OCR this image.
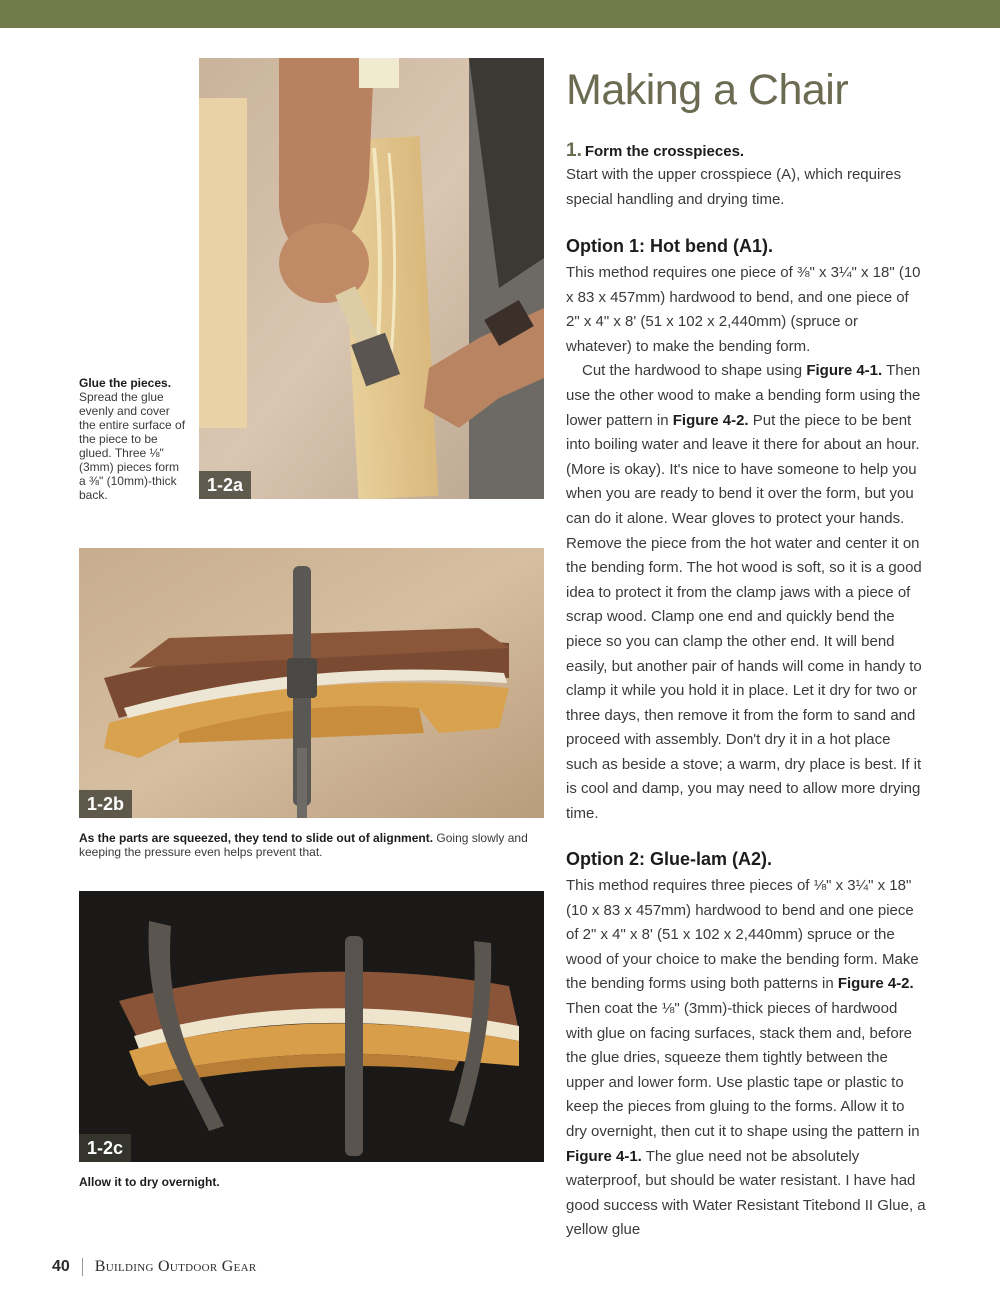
1-2a
Glue the pieces.
Spread the glue evenly and cover the entire surface of the piece to be glued. Three ⅛" (3mm) pieces form a ⅜" (10mm)-thick back.
1-2b
As the parts are squeezed, they tend to slide out of alignment. Going slowly and keeping the pressure even helps prevent that.
1-2c
Allow it to dry overnight.
Making a Chair
1. Form the crosspieces.

Start with the upper crosspiece (A), which requires special handling and drying time.

Option 1: Hot bend (A1).

This method requires one piece of ⅜" x 3¼" x 18" (10 x 83 x 457mm) hardwood to bend, and one piece of 2" x 4" x 8' (51 x 102 x 2,440mm) (spruce or whatever) to make the bending form.

Cut the hardwood to shape using Figure 4-1. Then use the other wood to make a bending form using the lower pattern in Figure 4-2. Put the piece to be bent into boiling water and leave it there for about an hour. (More is okay). It's nice to have someone to help you when you are ready to bend it over the form, but you can do it alone. Wear gloves to protect your hands. Remove the piece from the hot water and center it on the bending form. The hot wood is soft, so it is a good idea to protect it from the clamp jaws with a piece of scrap wood. Clamp one end and quickly bend the piece so you can clamp the other end. It will bend easily, but another pair of hands will come in handy to clamp it while you hold it in place. Let it dry for two or three days, then remove it from the form to sand and proceed with assembly. Don't dry it in a hot place such as beside a stove; a warm, dry place is best. If it is cool and damp, you may need to allow more drying time.

Option 2: Glue-lam (A2).

This method requires three pieces of ⅛" x 3¼" x 18" (10 x 83 x 457mm) hardwood to bend and one piece of 2" x 4" x 8' (51 x 102 x 2,440mm) spruce or the wood of your choice to make the bending form. Make the bending forms using both patterns in Figure 4-2. Then coat the ⅛" (3mm)-thick pieces of hardwood with glue on facing surfaces, stack them and, before the glue dries, squeeze them tightly between the upper and lower form. Use plastic tape or plastic to keep the pieces from gluing to the forms. Allow it to dry overnight, then cut it to shape using the pattern in Figure 4-1. The glue need not be absolutely waterproof, but should be water resistant. I have had good success with Water Resistant Titebond II Glue, a yellow glue

40 Building Outdoor Gear
